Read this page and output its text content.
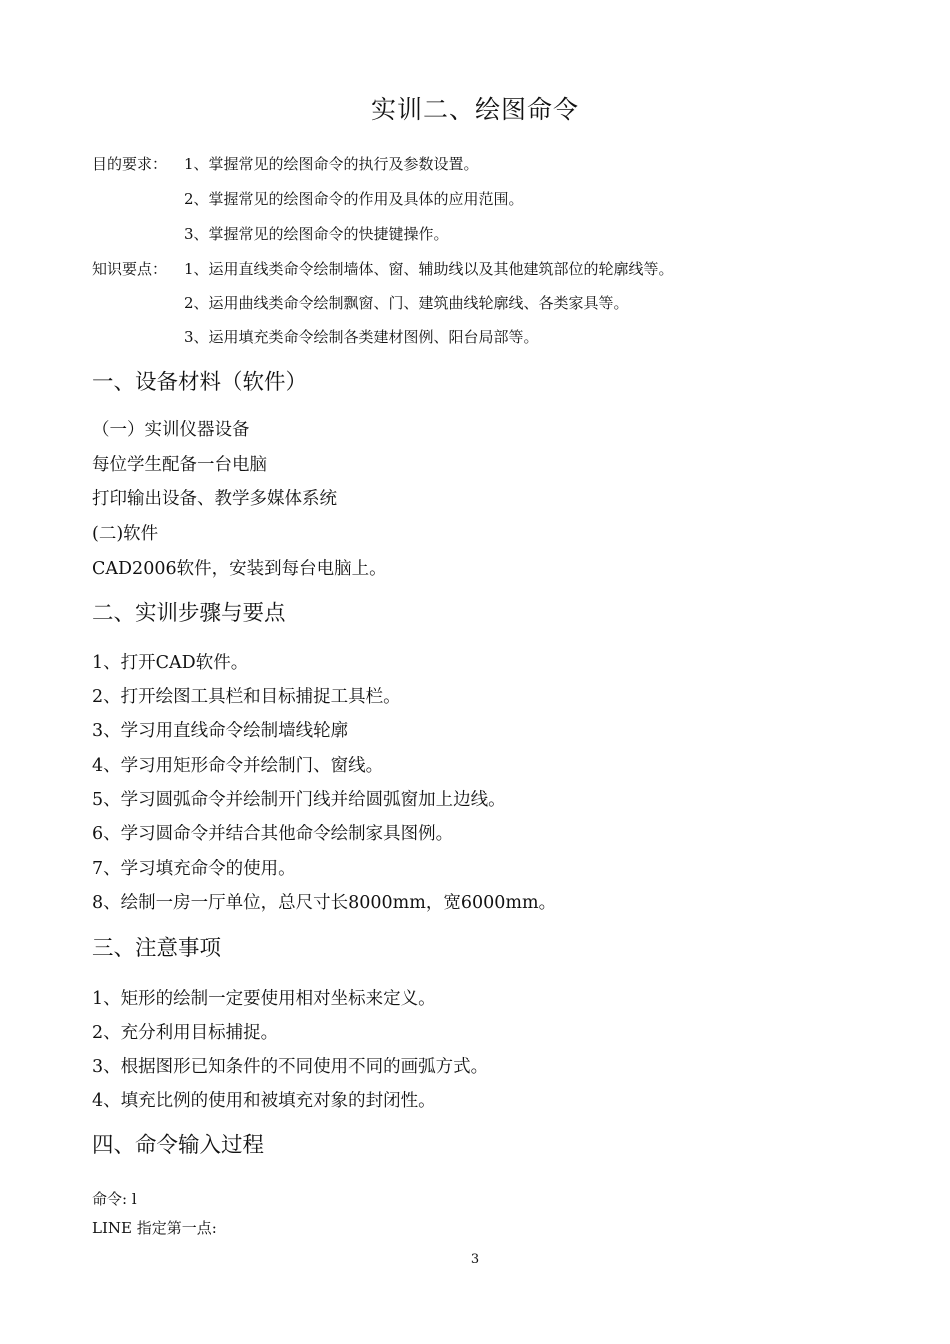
实训二、绘图命令
目的要求： 1、掌握常见的绘图命令的执行及参数设置。
2、掌握常见的绘图命令的作用及具体的应用范围。
3、掌握常见的绘图命令的快捷键操作。
知识要点： 1、运用直线类命令绘制墙体、窗、辅助线以及其他建筑部位的轮廓线等。
2、运用曲线类命令绘制飘窗、门、建筑曲线轮廓线、各类家具等。
3、运用填充类命令绘制各类建材图例、阳台局部等。
一、设备材料（软件）
（一）实训仪器设备
每位学生配备一台电脑
打印输出设备、教学多媒体系统
(二)软件
CAD2006软件，安装到每台电脑上。
二、实训步骤与要点
1、打开CAD软件。
2、打开绘图工具栏和目标捕捉工具栏。
3、学习用直线命令绘制墙线轮廓
4、学习用矩形命令并绘制门、窗线。
5、学习圆弧命令并绘制开门线并给圆弧窗加上边线。
6、学习圆命令并结合其他命令绘制家具图例。
7、学习填充命令的使用。
8、绘制一房一厅单位，总尺寸长8000mm，宽6000mm。
三、注意事项
1、矩形的绘制一定要使用相对坐标来定义。
2、充分利用目标捕捉。
3、根据图形已知条件的不同使用不同的画弧方式。
4、填充比例的使用和被填充对象的封闭性。
四、命令输入过程
命令: l
LINE 指定第一点:
3
